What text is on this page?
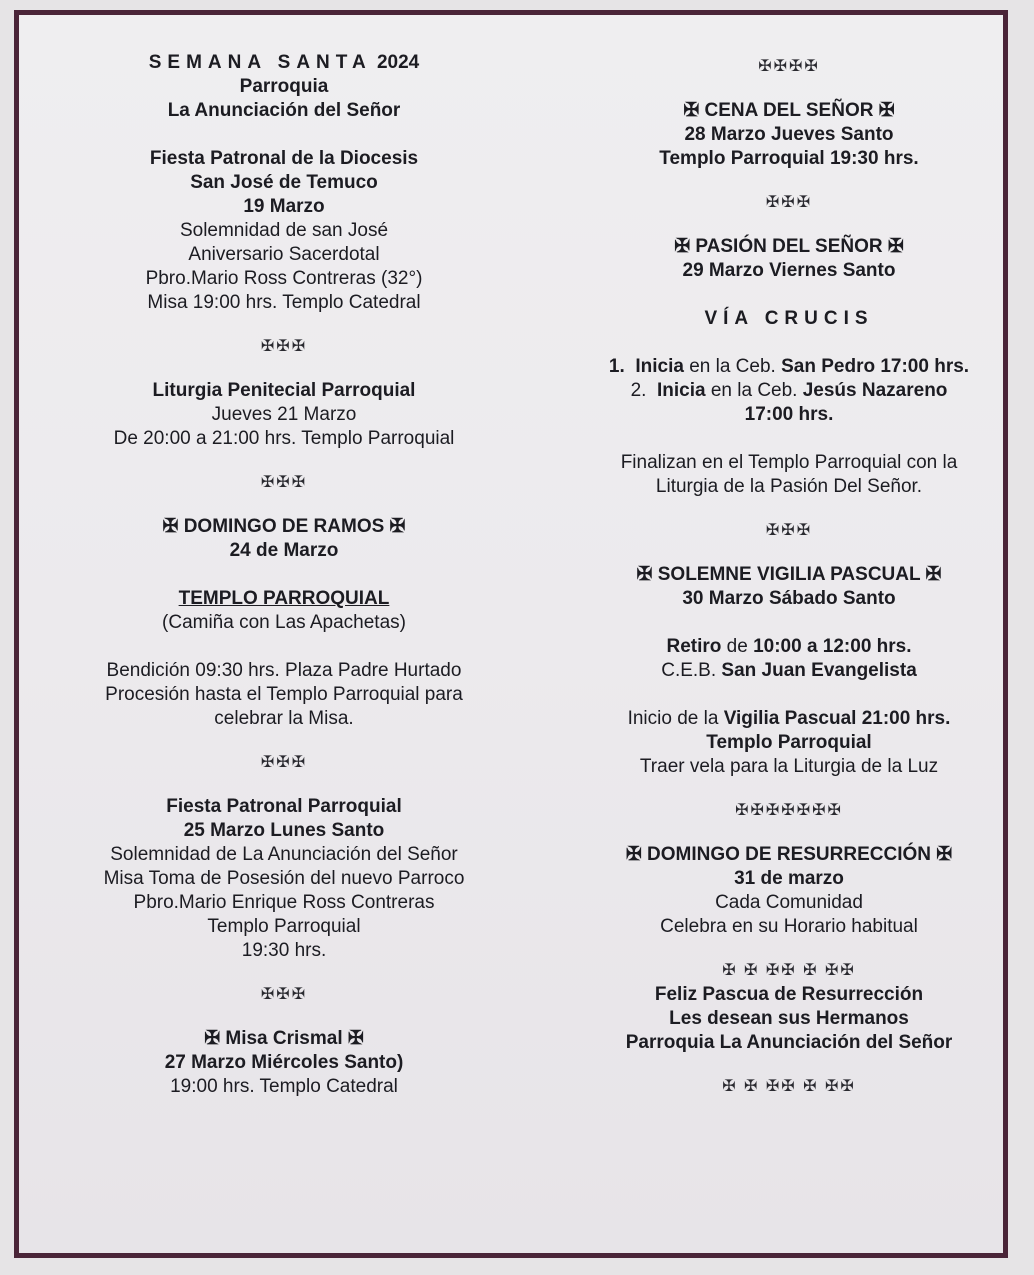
SEMANA SANTA 2024
Parroquia
La Anunciación del Señor
Fiesta Patronal de la Diocesis
San José de Temuco
19 Marzo
Solemnidad de san José
Aniversario Sacerdotal
Pbro.Mario Ross Contreras (32°)
Misa 19:00 hrs. Templo Catedral
✠✠✠
Liturgia Penitecial Parroquial
Jueves 21 Marzo
De 20:00 a 21:00 hrs. Templo Parroquial
✠✠✠
✠ DOMINGO DE RAMOS ✠
24 de Marzo
TEMPLO PARROQUIAL
(Camiña con Las Apachetas)
Bendición 09:30 hrs. Plaza Padre Hurtado
Procesión hasta el Templo Parroquial para
celebrar la Misa.
✠✠✠
Fiesta Patronal Parroquial
25 Marzo Lunes Santo
Solemnidad de La Anunciación del Señor
Misa Toma de Posesión del nuevo Parroco
Pbro.Mario Enrique Ross Contreras
Templo Parroquial
19:30 hrs.
✠✠✠
✠ Misa Crismal ✠
27 Marzo Miércoles Santo)
19:00 hrs. Templo Catedral
✠✠✠✠
✠ CENA DEL SEÑOR ✠
28 Marzo Jueves Santo
Templo Parroquial 19:30 hrs.
✠✠✠
✠ PASIÓN DEL SEÑOR ✠
29 Marzo Viernes Santo
VÍA CRUCIS
1. Inicia en la Ceb. San Pedro 17:00 hrs.
2. Inicia en la Ceb. Jesús Nazareno
17:00 hrs.
Finalizan en el Templo Parroquial con la
Liturgia de la Pasión Del Señor.
✠✠✠
✠ SOLEMNE VIGILIA PASCUAL ✠
30 Marzo Sábado Santo
Retiro de 10:00 a 12:00 hrs.
C.E.B. San Juan Evangelista
Inicio de la Vigilia Pascual 21:00 hrs.
Templo Parroquial
Traer vela para la Liturgia de la Luz
✠✠✠✠✠✠✠
✠ DOMINGO DE RESURRECCIÓN ✠
31 de marzo
Cada Comunidad
Celebra en su Horario habitual
✠ ✠ ✠✠ ✠ ✠✠
Feliz Pascua de Resurrección
Les desean sus Hermanos
Parroquia La Anunciación del Señor
✠ ✠ ✠✠ ✠ ✠✠
